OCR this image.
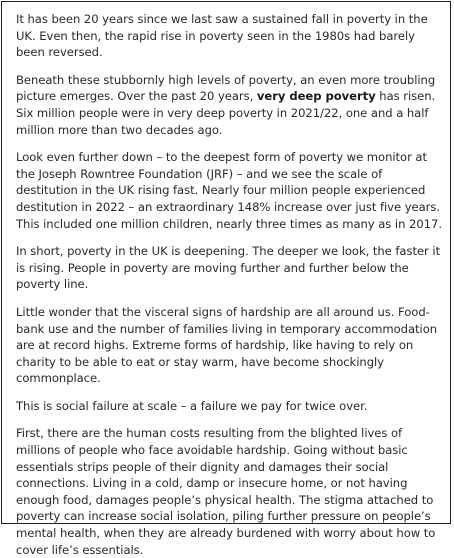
It has been 20 years since we last saw a sustained fall in poverty in the UK. Even then, the rapid rise in poverty seen in the 1980s had barely been reversed.

Beneath these stubbornly high levels of poverty, an even more troubling picture emerges. Over the past 20 years, very deep poverty has risen. Six million people were in very deep poverty in 2021/22, one and a half million more than two decades ago.

Look even further down – to the deepest form of poverty we monitor at the Joseph Rowntree Foundation (JRF) – and we see the scale of destitution in the UK rising fast. Nearly four million people experienced destitution in 2022 – an extraordinary 148% increase over just five years. This included one million children, nearly three times as many as in 2017.

In short, poverty in the UK is deepening. The deeper we look, the faster it is rising. People in poverty are moving further and further below the poverty line.

Little wonder that the visceral signs of hardship are all around us. Food-bank use and the number of families living in temporary accommodation are at record highs. Extreme forms of hardship, like having to rely on charity to be able to eat or stay warm, have become shockingly commonplace.

This is social failure at scale – a failure we pay for twice over.

First, there are the human costs resulting from the blighted lives of millions of people who face avoidable hardship. Going without basic essentials strips people of their dignity and damages their social connections. Living in a cold, damp or insecure home, or not having enough food, damages people’s physical health. The stigma attached to poverty can increase social isolation, piling further pressure on people’s mental health, when they are already burdened with worry about how to cover life’s essentials.
